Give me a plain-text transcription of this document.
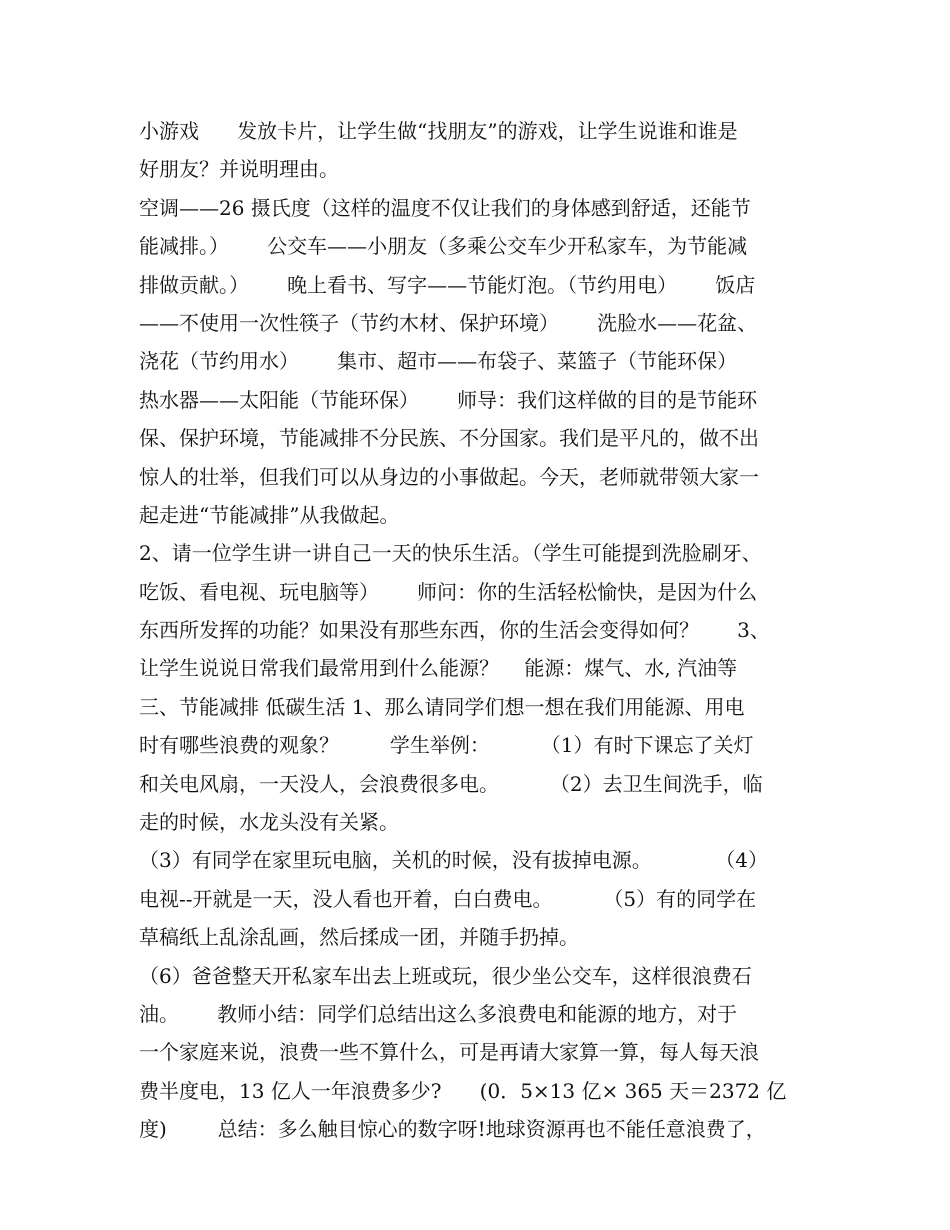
小游戏      发放卡片，让学生做“找朋友”的游戏，让学生说谁和谁是
好朋友？并说明理由。
空调——26 摄氏度（这样的温度不仅让我们的身体感到舒适，还能节
能减排。）      公交车——小朋友（多乘公交车少开私家车，为节能减
排做贡献。）      晚上看书、写字——节能灯泡。（节约用电）      饭店
——不使用一次性筷子（节约木材、保护环境）      洗脸水——花盆、
浇花（节约用水）      集市、超市——布袋子、菜篮子（节能环保）
热水器——太阳能（节能环保）      师导：我们这样做的目的是节能环
保、保护环境，节能减排不分民族、不分国家。我们是平凡的，做不出
惊人的壮举，但我们可以从身边的小事做起。今天，老师就带领大家一
起走进“节能减排”从我做起。
2、请一位学生讲一讲自己一天的快乐生活。（学生可能提到洗脸刷牙、
吃饭、看电视、玩电脑等）      师问：你的生活轻松愉快，是因为什么
东西所发挥的功能？如果没有那些东西，你的生活会变得如何？      3、
让学生说说日常我们最常用到什么能源？    能源：煤气、水, 汽油等
三、节能减排 低碳生活 1、那么请同学们想一想在我们用能源、用电
时有哪些浪费的观象？        学生举例：        （1）有时下课忘了关灯
和关电风扇，一天没人，会浪费很多电。        （2）去卫生间洗手，临
走的时候，水龙头没有关紧。
（3）有同学在家里玩电脑，关机的时候，没有拔掉电源。          （4）
电视--开就是一天，没人看也开着，白白费电。        （5）有的同学在
草稿纸上乱涂乱画，然后揉成一团，并随手扔掉。
（6）爸爸整天开私家车出去上班或玩，很少坐公交车，这样很浪费石
油。      教师小结：同学们总结出这么多浪费电和能源的地方，对于
一个家庭来说，浪费一些不算什么，可是再请大家算一算，每人每天浪
费半度电，13 亿人一年浪费多少?      (0．5×13 亿× 365 天＝2372 亿
度)        总结：多么触目惊心的数字呀!地球资源再也不能任意浪费了，
